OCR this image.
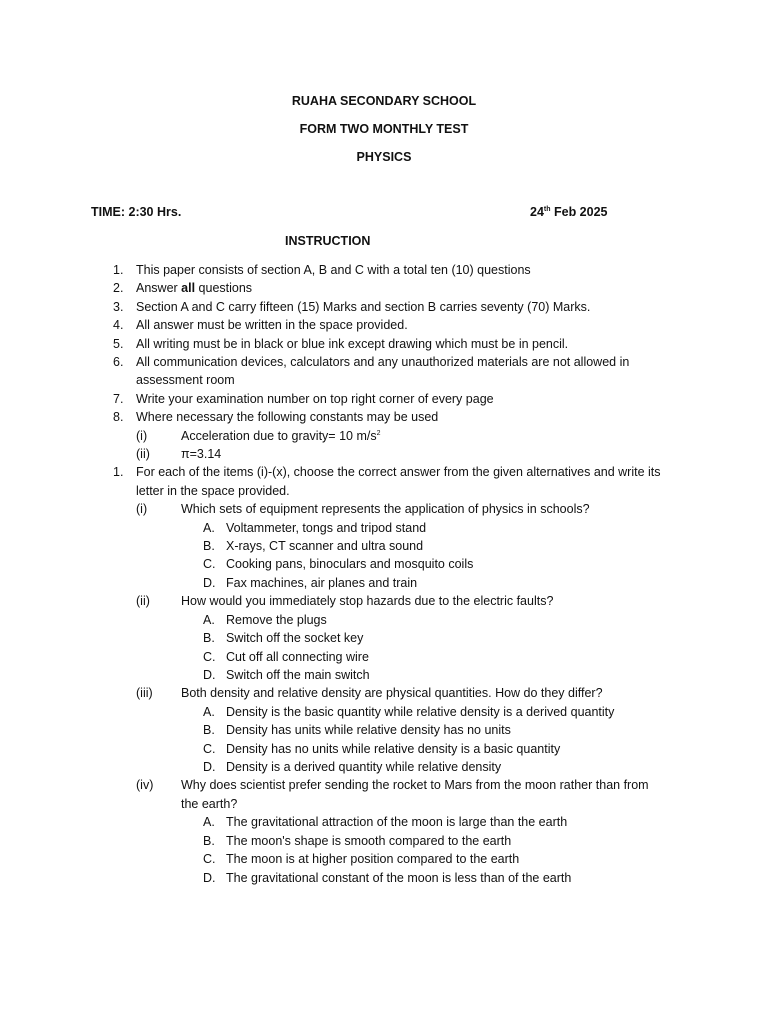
RUAHA SECONDARY SCHOOL
FORM TWO MONTHLY TEST
PHYSICS
TIME: 2:30 Hrs.	24th Feb 2025
INSTRUCTION
1. This paper consists of section A, B and C with a total ten (10) questions
2. Answer all questions
3. Section A and C carry fifteen (15) Marks and section B carries seventy (70) Marks.
4. All answer must be written in the space provided.
5. All writing must be in black or blue ink except drawing which must be in pencil.
6. All communication devices, calculators and any unauthorized materials are not allowed in
assessment room
7. Write your examination number on top right corner of every page
8. Where necessary the following constants may be used
(i)	Acceleration due to gravity= 10 $m/s^2$
(ii) π=3.14
1. For each of the items (i)-(x), choose the correct answer from the given alternatives and write its
letter in the space provided.
(i)	Which sets of equipment represents the application of physics in schools?
A. Voltammeter, tongs and tripod stand
B. X-rays, CT scanner and ultra sound
C. Cooking pans, binoculars and mosquito coils
D. Fax machines, air planes and train
(ii) How would you immediately stop hazards due to the electric faults?
A. Remove the plugs
B. Switch off the socket key
C. Cut off all connecting wire
D. Switch off the main switch
(iii) Both density and relative density are physical quantities. How do they differ?
A. Density is the basic quantity while relative density is a derived quantity
B. Density has units while relative density has no units
C. Density has no units while relative density is a basic quantity
D. Density is a derived quantity while relative density
(iv) Why does scientist prefer sending the rocket to Mars from the moon rather than from
the earth?
A. The gravitational attraction of the moon is large than the earth
B. The moon's shape is smooth compared to the earth
C. The moon is at higher position compared to the earth
D. The gravitational constant of the moon is less than of the earth
